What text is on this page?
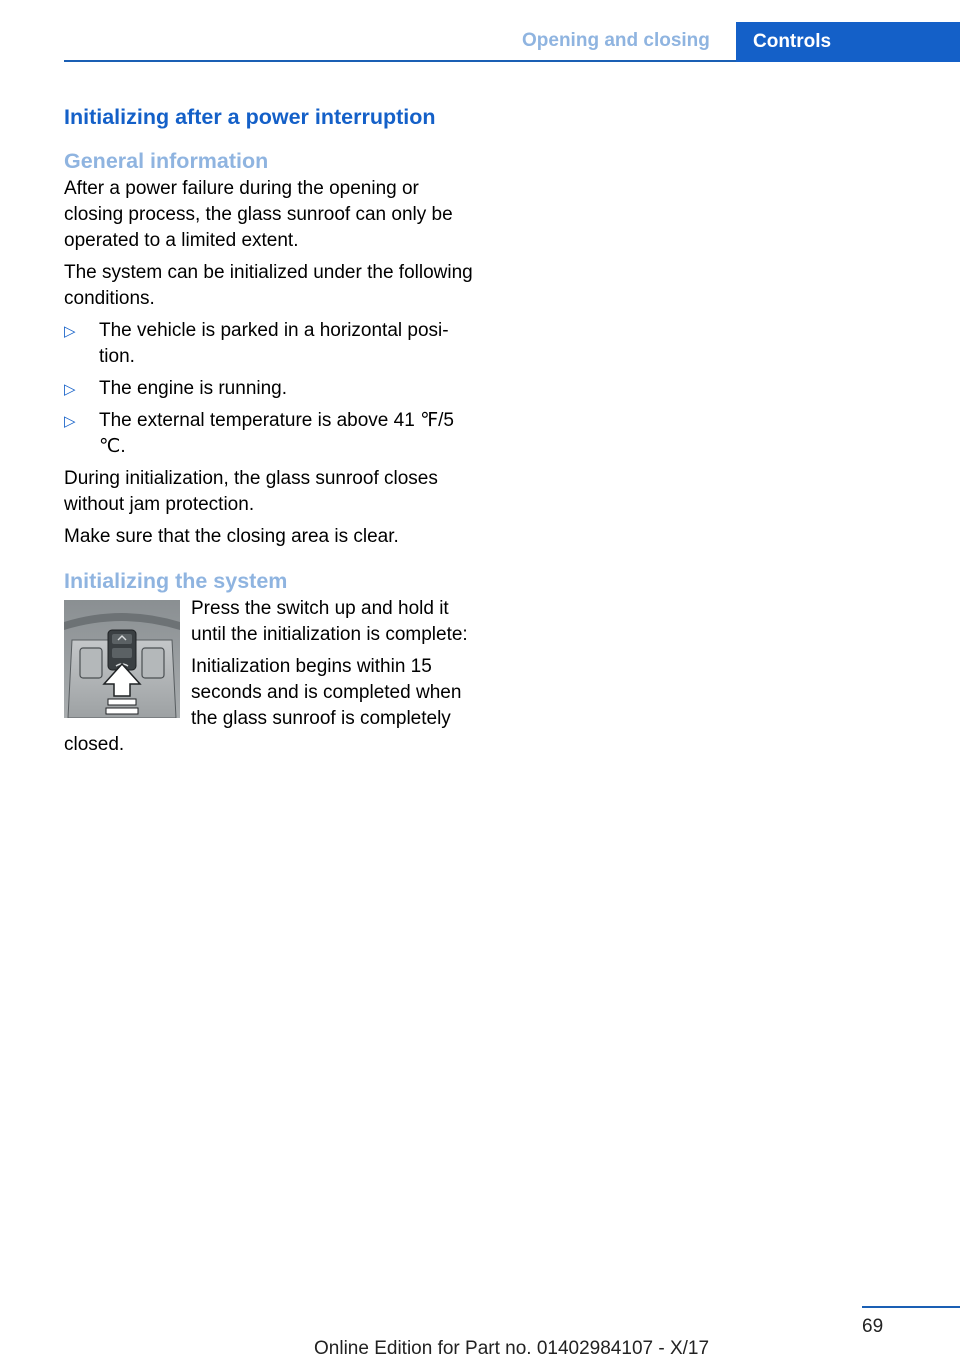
Opening and closing	Controls
Initializing after a power interruption
General information

After a power failure during the opening or closing process, the glass sunroof can only be operated to a limited extent.

The system can be initialized under the following conditions.

▷ The vehicle is parked in a horizontal posi tion.
▷ The engine is running.
▷ The external temperature is above 41 ℉/5 ℃.

During initialization, the glass sunroof closes without jam protection.

Make sure that the closing area is clear.

Initializing the system

Press the switch up and hold it until the initialization is complete:

Initialization begins within 15 seconds and is completed when the glass sunroof is completely closed.

69
Online Edition for Part no. 01402984107 - X/17
